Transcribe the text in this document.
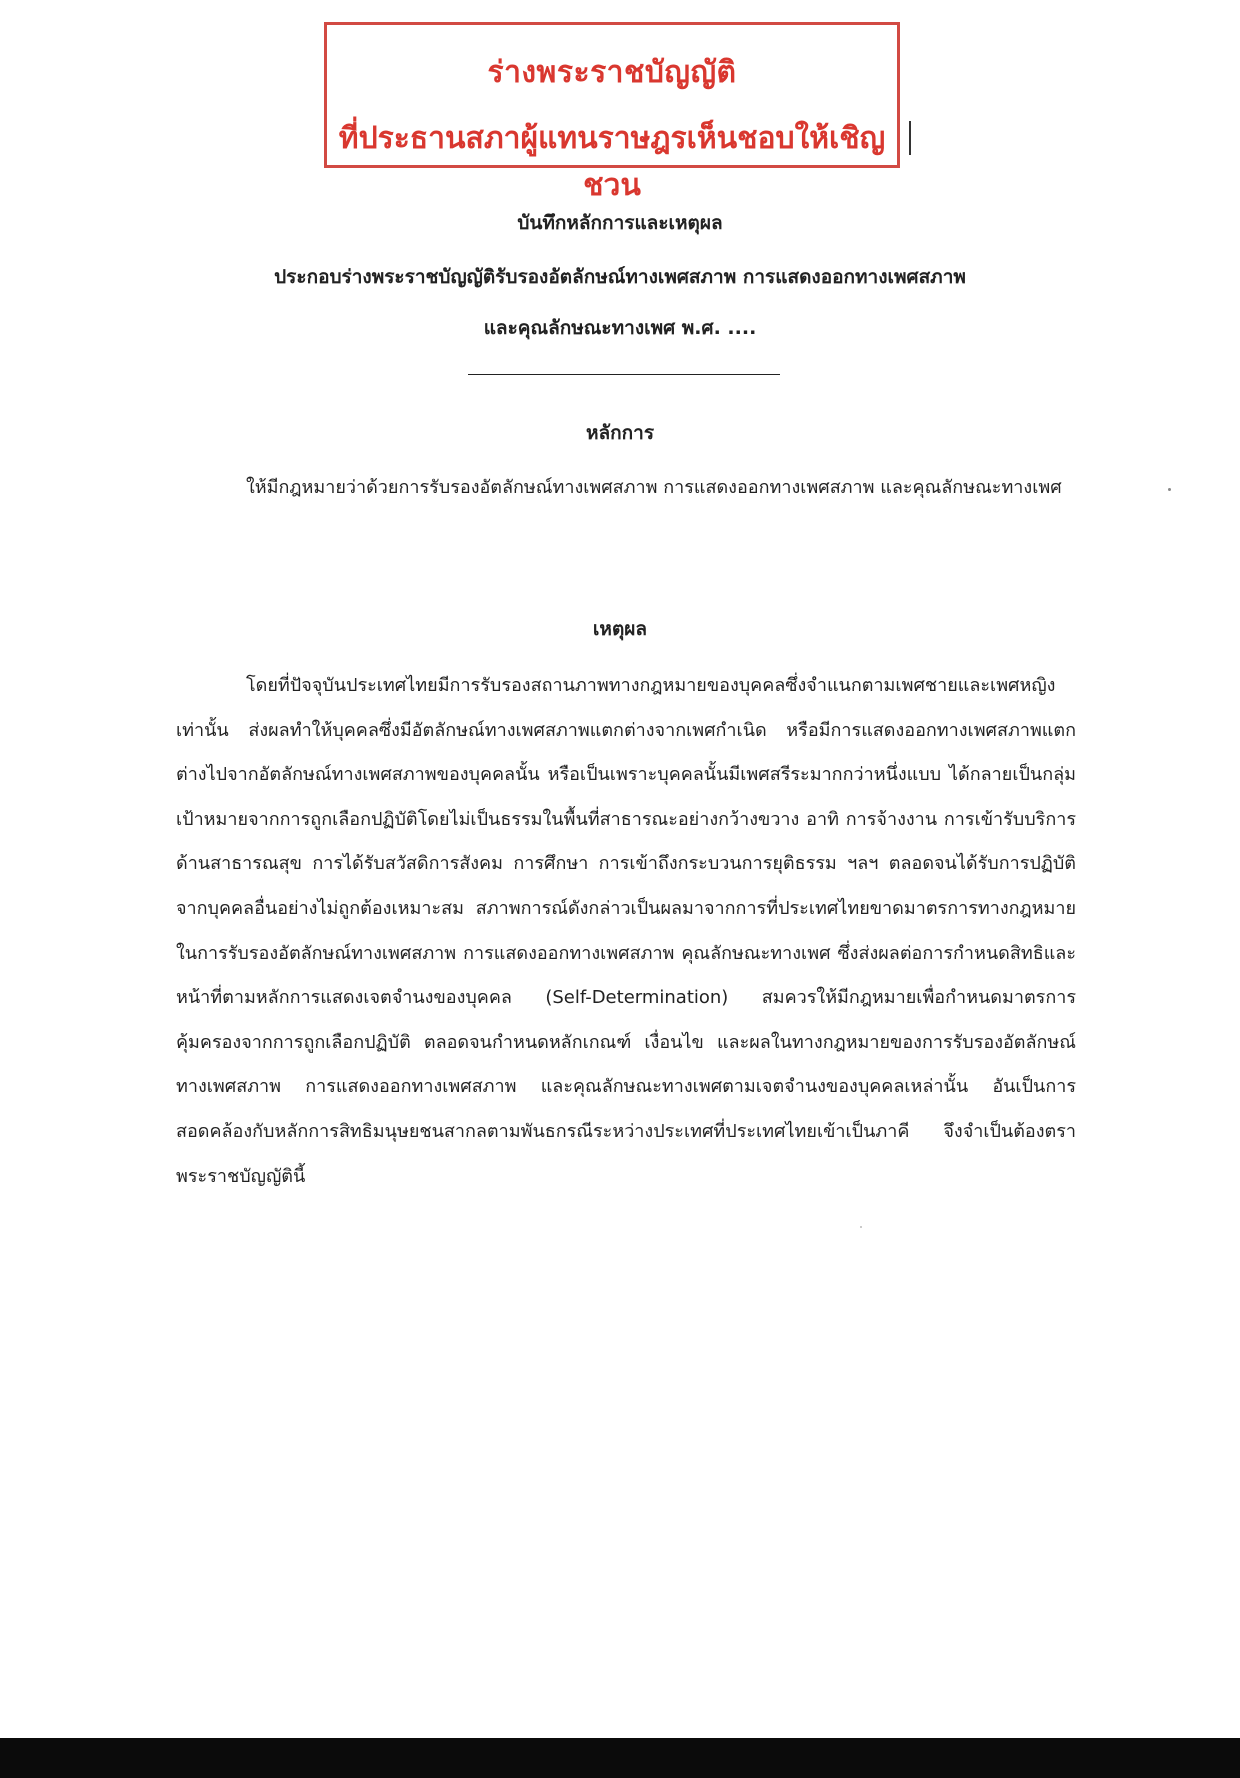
ร่างพระราชบัญญัติ
ที่ประธานสภาผู้แทนราษฎรเห็นชอบให้เชิญชวน
บันทึกหลักการและเหตุผล
ประกอบร่างพระราชบัญญัติรับรองอัตลักษณ์ทางเพศสภาพ การแสดงออกทางเพศสภาพ
และคุณลักษณะทางเพศ พ.ศ. ....
หลักการ
ให้มีกฎหมายว่าด้วยการรับรองอัตลักษณ์ทางเพศสภาพ การแสดงออกทางเพศสภาพ และคุณลักษณะทางเพศ
เหตุผล
โดยที่ปัจจุบันประเทศไทยมีการรับรองสถานภาพทางกฎหมายของบุคคลซึ่งจำแนกตามเพศชายและเพศหญิงเท่านั้น ส่งผลทำให้บุคคลซึ่งมีอัตลักษณ์ทางเพศสภาพแตกต่างจากเพศกำเนิด หรือมีการแสดงออกทางเพศสภาพแตกต่างไปจากอัตลักษณ์ทางเพศสภาพของบุคคลนั้น หรือเป็นเพราะบุคคลนั้นมีเพศสรีระมากกว่าหนึ่งแบบ ได้กลายเป็นกลุ่มเป้าหมายจากการถูกเลือกปฏิบัติโดยไม่เป็นธรรมในพื้นที่สาธารณะอย่างกว้างขวาง อาทิ การจ้างงาน การเข้ารับบริการด้านสาธารณสุข การได้รับสวัสดิการสังคม การศึกษา การเข้าถึงกระบวนการยุติธรรม ฯลฯ ตลอดจนได้รับการปฏิบัติจากบุคคลอื่นอย่างไม่ถูกต้องเหมาะสม สภาพการณ์ดังกล่าวเป็นผลมาจากการที่ประเทศไทยขาดมาตรการทางกฎหมายในการรับรองอัตลักษณ์ทางเพศสภาพ การแสดงออกทางเพศสภาพ คุณลักษณะทางเพศ ซึ่งส่งผลต่อการกำหนดสิทธิและหน้าที่ตามหลักการแสดงเจตจำนงของบุคคล (Self-Determination) สมควรให้มีกฎหมายเพื่อกำหนดมาตรการคุ้มครองจากการถูกเลือกปฏิบัติ ตลอดจนกำหนดหลักเกณฑ์ เงื่อนไข และผลในทางกฎหมายของการรับรองอัตลักษณ์ทางเพศสภาพ การแสดงออกทางเพศสภาพ และคุณลักษณะทางเพศตามเจตจำนงของบุคคลเหล่านั้น อันเป็นการสอดคล้องกับหลักการสิทธิมนุษยชนสากลตามพันธกรณีระหว่างประเทศที่ประเทศไทยเข้าเป็นภาคี จึงจำเป็นต้องตราพระราชบัญญัตินี้
